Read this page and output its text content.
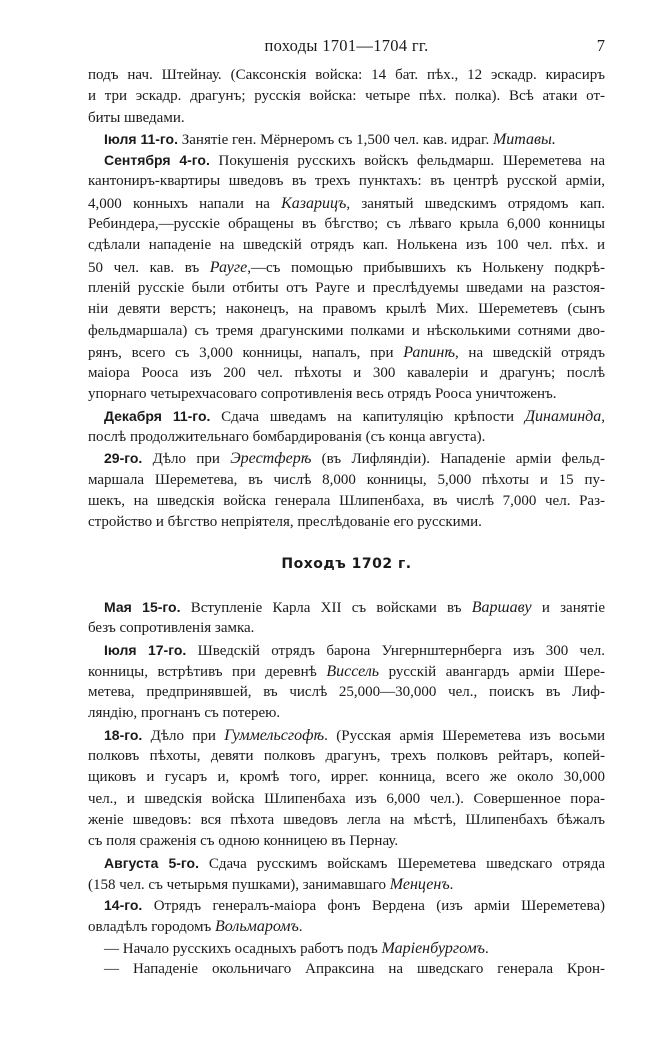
походы 1701—1704 гг.	7
подъ нач. Штейнау. (Саксонскія войска: 14 бат. пѣх., 12 эскадр. кирасиръ
и три эскадр. драгунъ; русскія войска: четыре пѣх. полка). Всѣ атаки от-
биты шведами.
Іюля 11-го. Занятіе ген. Мёрнеромъ съ 1,500 чел. кав. идраг. Митавы.
Сентября 4-го. Покушенія русскихъ войскъ фельдмарш. Шереметева на
кантониръ-квартиры шведовъ въ трехъ пунктахъ: въ центрѣ русской арміи,
4,000 конныхъ напали на Казарицъ, занятый шведскимъ отрядомъ кап.
Ребиндера,—русскіе обращены въ бѣгство; съ лѣваго крыла 6,000 конницы
сдѣлали нападеніе на шведскій отрядъ кап. Нолькена изъ 100 чел. пѣх. и
50 чел. кав. въ Рауге,—съ помощью прибывшихъ къ Нолькену подкрѣ-
пленій русскіе были отбиты отъ Рауге и преслѣдуемы шведами на разстоя-
ніи девяти верстъ; наконецъ, на правомъ крылѣ Мих. Шереметевъ (сынъ
фельдмаршала) съ тремя драгунскими полками и нѣсколькими сотнями дво-
рянъ, всего съ 3,000 конницы, напалъ, при Рапинѣ, на шведскій отрядъ
маіора Рооса изъ 200 чел. пѣхоты и 300 кавалеріи и драгунъ; послѣ
упорнаго четырехчасоваго сопротивленія весь отрядъ Рооса уничтоженъ.
Декабря 11-го. Сдача шведамъ на капитуляцію крѣпости Динаминда,
послѣ продолжительнаго бомбардированія (съ конца августа).
29-го. Дѣло при Эрестферѣ (въ Лифляндіи). Нападеніе арміи фельд-
маршала Шереметева, въ числѣ 8,000 конницы, 5,000 пѣхоты и 15 пу-
шекъ, на шведскія войска генерала Шлипенбаха, въ числѣ 7,000 чел. Раз-
стройство и бѣгство непріятеля, преслѣдованіе его русскими.
Походъ 1702 г.
Мая 15-го. Вступленіе Карла XII съ войсками въ Варшаву и занятіе
безъ сопротивленія замка.
Іюля 17-го. Шведскій отрядъ барона Унгернштернберга изъ 300 чел.
конницы, встрѣтивъ при деревнѣ Виссель русскій авангардъ арміи Шере-
метева, предпринявшей, въ числѣ 25,000—30,000 чел., поискъ въ Лиф-
ляндію, прогнанъ съ потерею.
18-го. Дѣло при Гуммельсгофѣ. (Русская армія Шереметева изъ восьми
полковъ пѣхоты, девяти полковъ драгунъ, трехъ полковъ рейтаръ, копей-
щиковъ и гусаръ и, кромѣ того, иррег. конница, всего же около 30,000
чел., и шведскія войска Шлипенбаха изъ 6,000 чел.). Совершенное пора-
женіе шведовъ: вся пѣхота шведовъ легла на мѣстѣ, Шлипенбахъ бѣжалъ
съ поля сраженія съ одною конницею въ Пернау.
Августа 5-го. Сдача русскимъ войскамъ Шереметева шведскаго отряда
(158 чел. съ четырьмя пушками), занимавшаго Менценъ.
14-го. Отрядъ генералъ-маіора фонъ Вердена (изъ арміи Шереметева)
овладѣлъ городомъ Вольмаромъ.
— Начало русскихъ осадныхъ работъ подъ Маріенбургомъ.
— Нападеніе окольничаго Апраксина на шведскаго генерала Крон-
